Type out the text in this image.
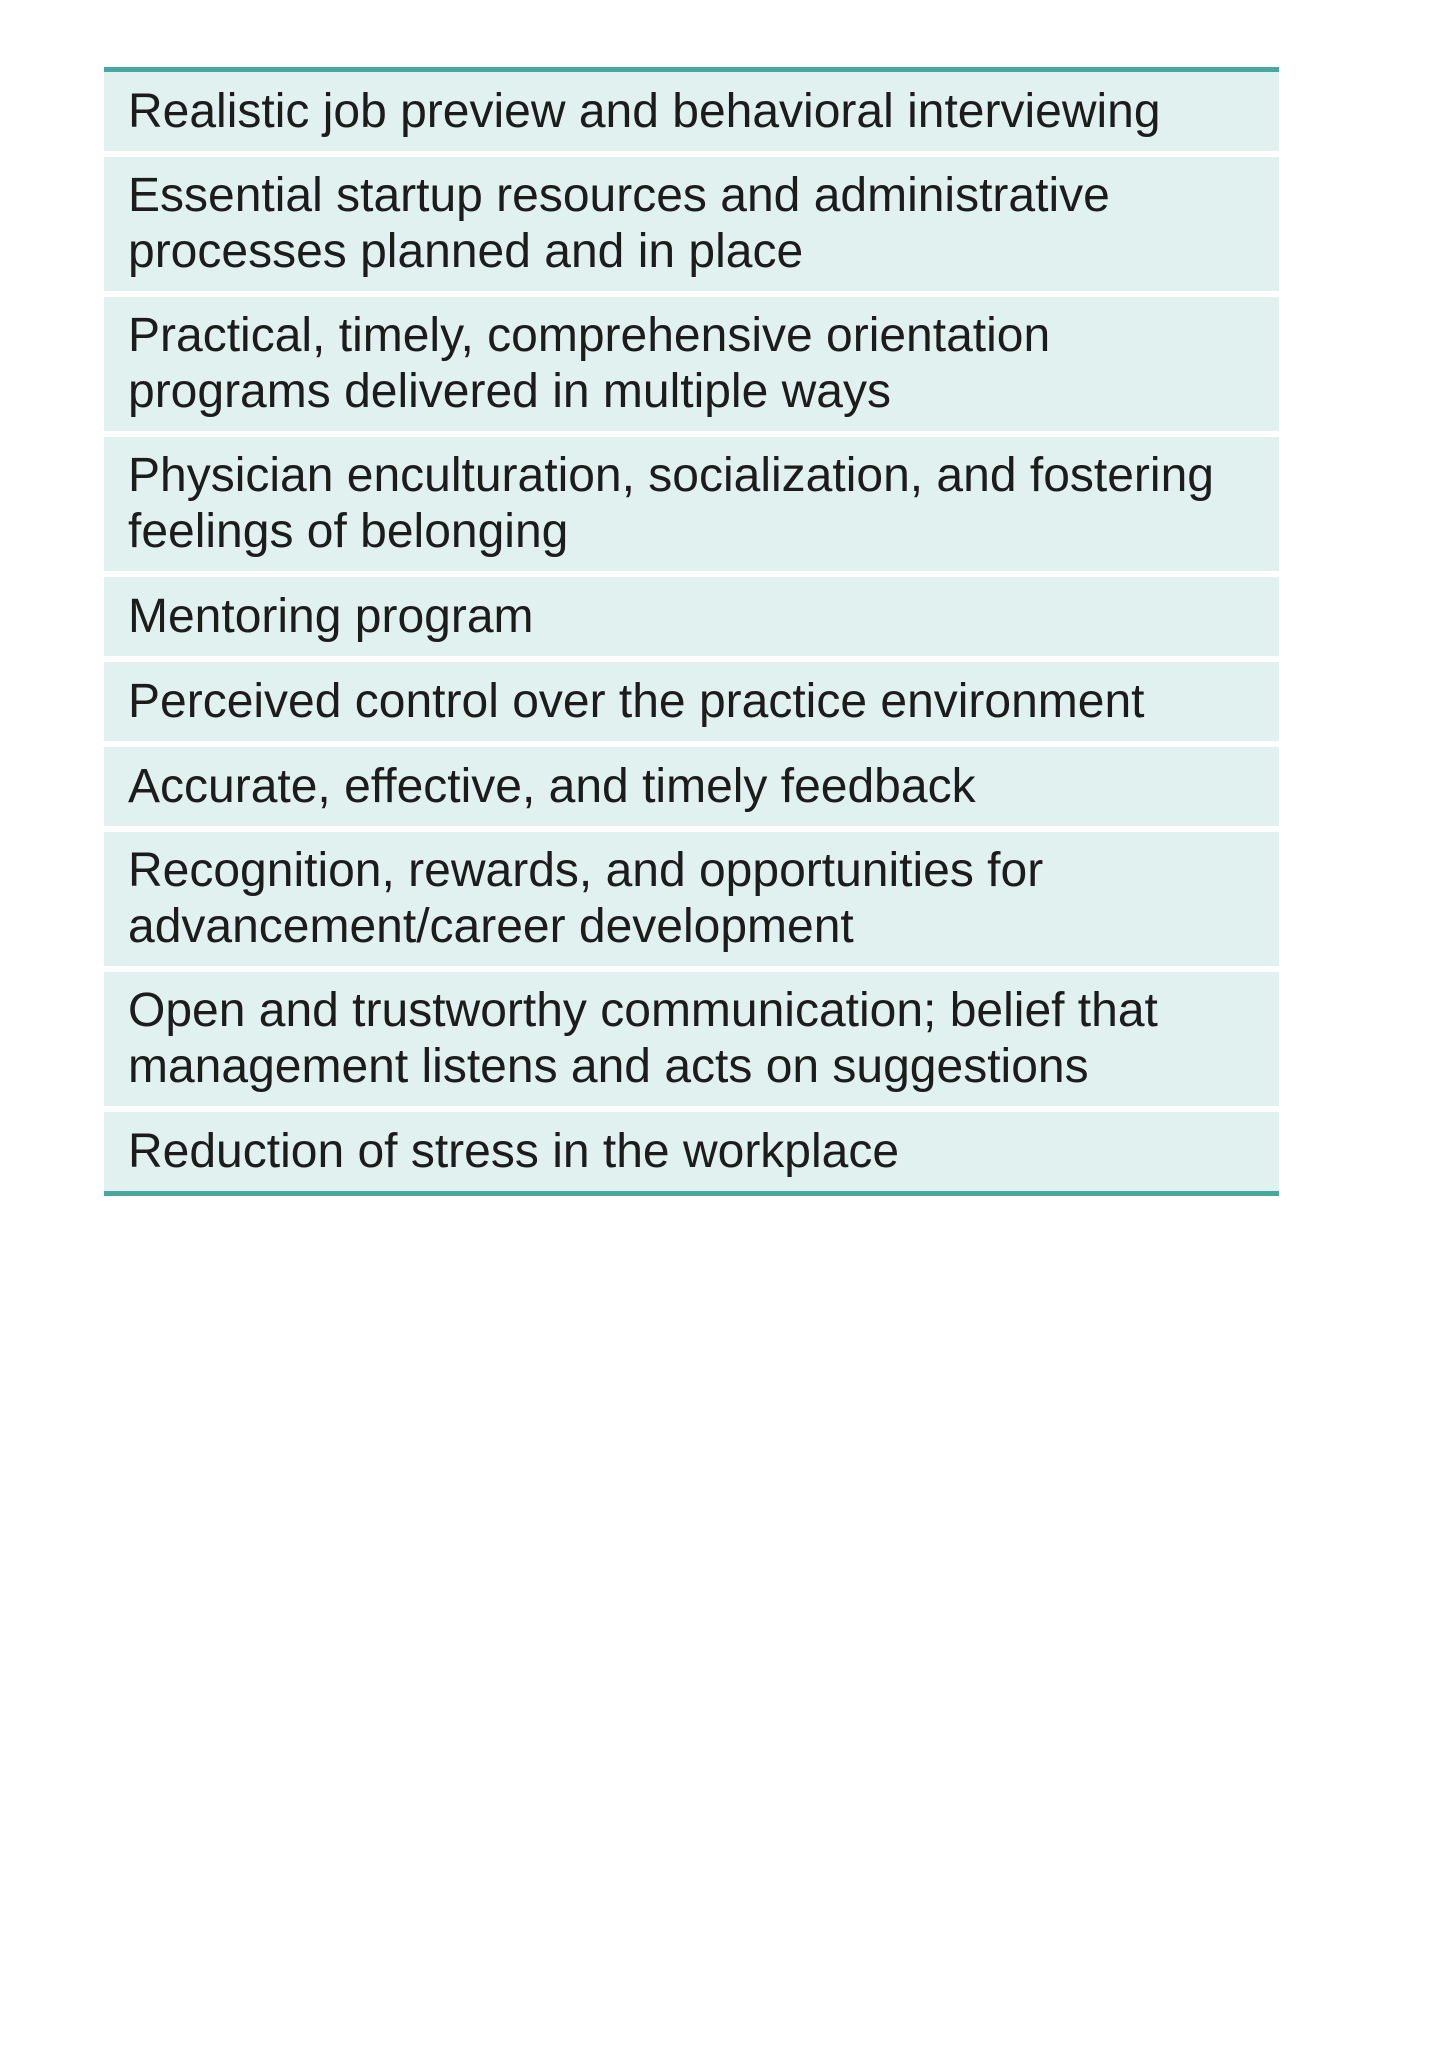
Realistic job preview and behavioral interviewing
Essential startup resources and administrative processes planned and in place
Practical, timely, comprehensive orientation programs delivered in multiple ways
Physician enculturation, socialization, and fostering feelings of belonging
Mentoring program
Perceived control over the practice environment
Accurate, effective, and timely feedback
Recognition, rewards, and opportunities for advancement/career development
Open and trustworthy communication; belief that management listens and acts on suggestions
Reduction of stress in the workplace
